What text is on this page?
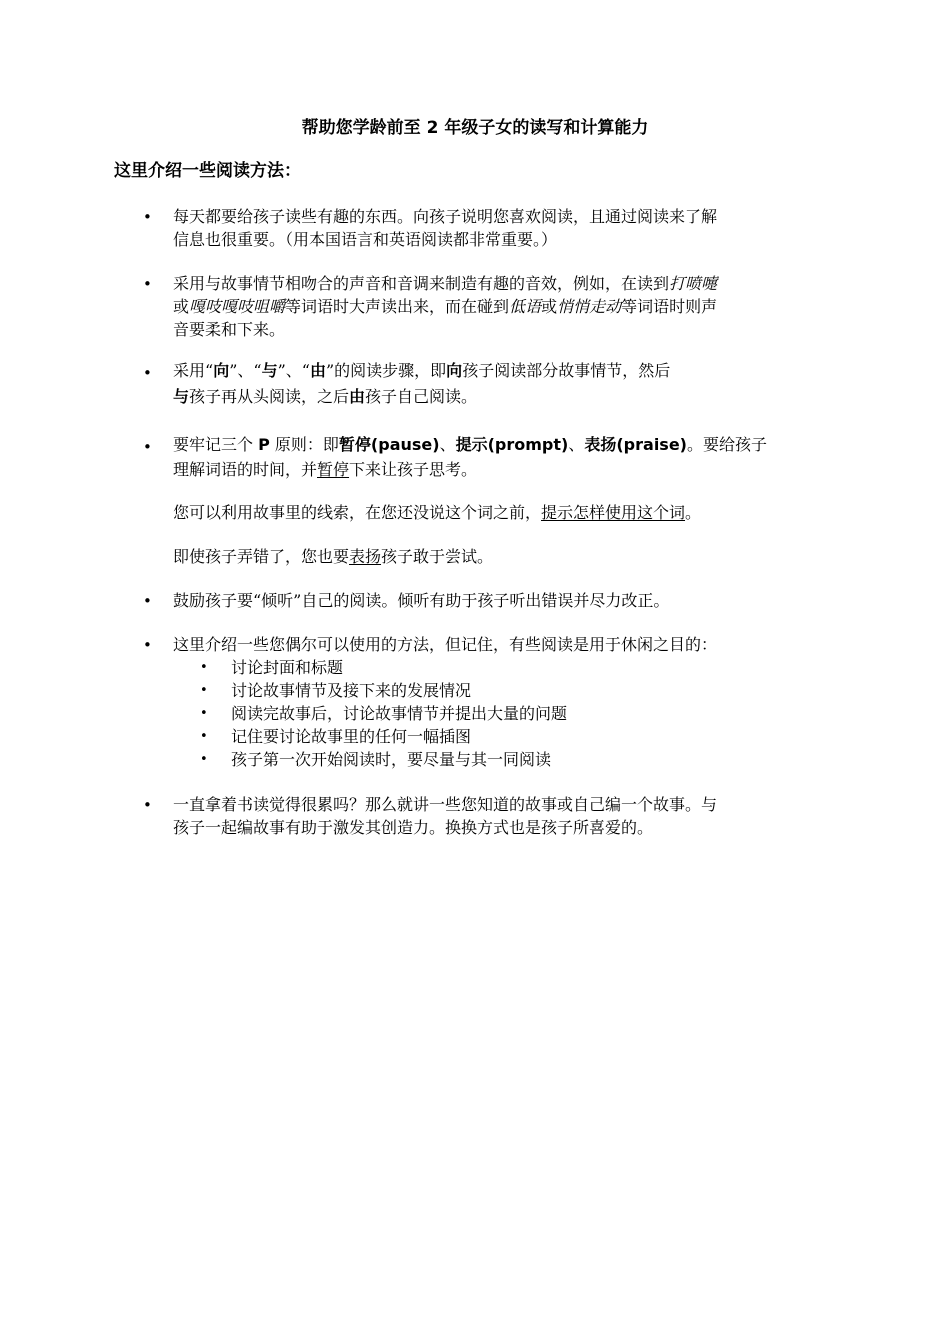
帮助您学龄前至 2 年级子女的读写和计算能力
这里介绍一些阅读方法：
• 每天都要给孩子读些有趣的东西。向孩子说明您喜欢阅读，且通过阅读来了解
信息也很重要。（用本国语言和英语阅读都非常重要。）
• 采用与故事情节相吻合的声音和音调来制造有趣的音效，例如，在读到打喷嚏
或嘎吱嘎吱咀嚼等词语时大声读出来，而在碰到低语或悄悄走动等词语时则声
音要柔和下来。
• 采用“向”、“与”、“由”的阅读步骤，即向孩子阅读部分故事情节，然后
与孩子再从头阅读，之后由孩子自己阅读。
• 要牢记三个 P 原则：即暂停(pause)、提示(prompt)、表扬(praise)。要给孩子
理解词语的时间，并暂停下来让孩子思考。
您可以利用故事里的线索，在您还没说这个词之前，提示怎样使用这个词。
即使孩子弄错了，您也要表扬孩子敢于尝试。
• 鼓励孩子要“倾听”自己的阅读。倾听有助于孩子听出错误并尽力改正。
• 这里介绍一些您偶尔可以使用的方法，但记住，有些阅读是用于休闲之目的：
• 讨论封面和标题
• 讨论故事情节及接下来的发展情况
• 阅读完故事后，讨论故事情节并提出大量的问题
• 记住要讨论故事里的任何一幅插图
• 孩子第一次开始阅读时，要尽量与其一同阅读
• 一直拿着书读觉得很累吗？那么就讲一些您知道的故事或自己编一个故事。与
孩子一起编故事有助于激发其创造力。换换方式也是孩子所喜爱的。
